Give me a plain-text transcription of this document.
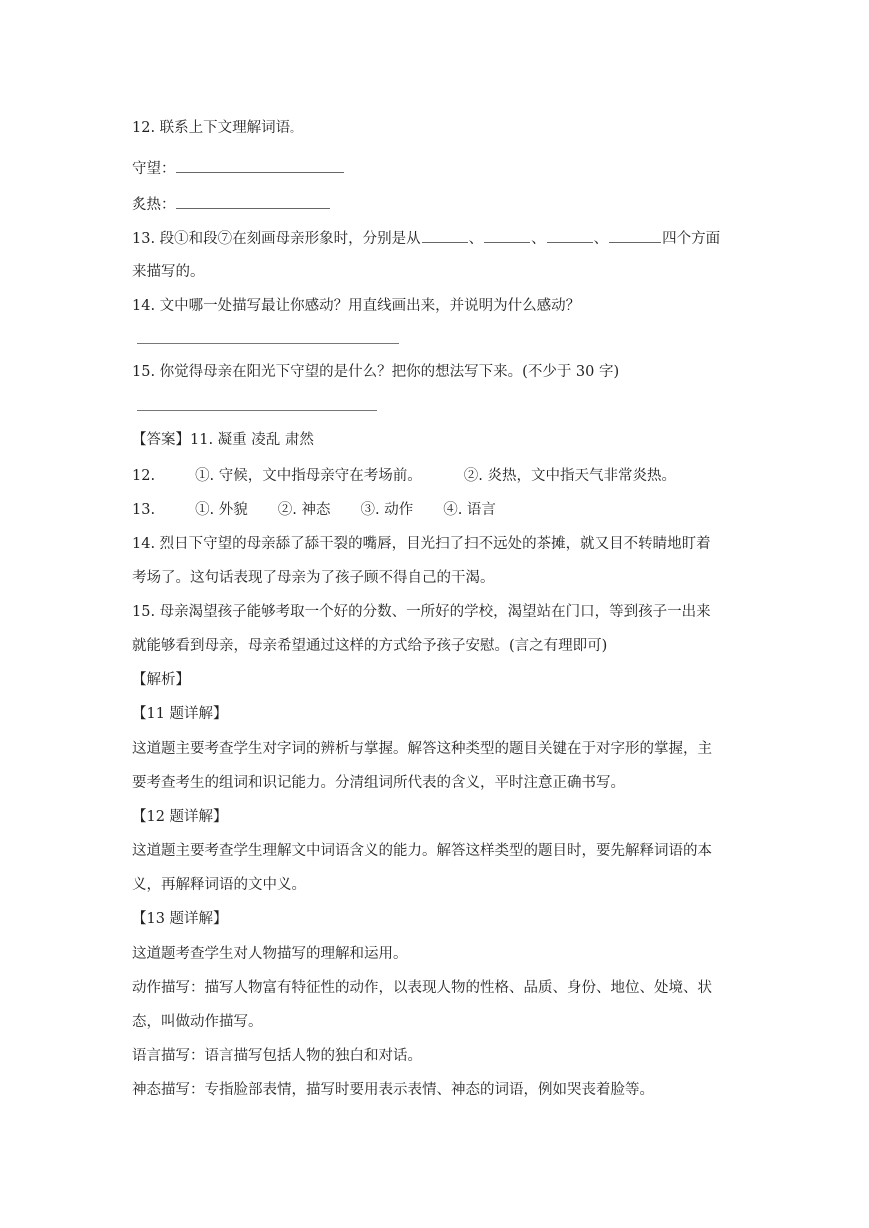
12. 联系上下文理解词语。
守望：
炙热：
13. 段①和段⑦在刻画母亲形象时，分别是从	、	、	、	四个方面
来描写的。
14. 文中哪一处描写最让你感动？用直线画出来，并说明为什么感动？
15. 你觉得母亲在阳光下守望的是什么？把你的想法写下来。(不少于 30 字)
【答案】11. 凝重 凌乱 肃然
12.	①. 守候，文中指母亲守在考场前。	②. 炎热，文中指天气非常炎热。
13.	①. 外貌 ②. 神态 ③. 动作 ④. 语言
14. 烈日下守望的母亲舔了舔干裂的嘴唇，目光扫了扫不远处的茶摊，就又目不转睛地盯着
考场了。这句话表现了母亲为了孩子顾不得自己的干渴。
15. 母亲渴望孩子能够考取一个好的分数、一所好的学校，渴望站在门口，等到孩子一出来
就能够看到母亲，母亲希望通过这样的方式给予孩子安慰。(言之有理即可)
【解析】
【11 题详解】
这道题主要考查学生对字词的辨析与掌握。解答这种类型的题目关键在于对字形的掌握，主
要考查考生的组词和识记能力。分清组词所代表的含义，平时注意正确书写。
【12 题详解】
这道题主要考查学生理解文中词语含义的能力。解答这样类型的题目时，要先解释词语的本
义，再解释词语的文中义。
【13 题详解】
这道题考查学生对人物描写的理解和运用。
动作描写：描写人物富有特征性的动作，以表现人物的性格、品质、身份、地位、处境、状
态，叫做动作描写。
语言描写：语言描写包括人物的独白和对话。
神态描写：专指脸部表情，描写时要用表示表情、神态的词语，例如哭丧着脸等。
